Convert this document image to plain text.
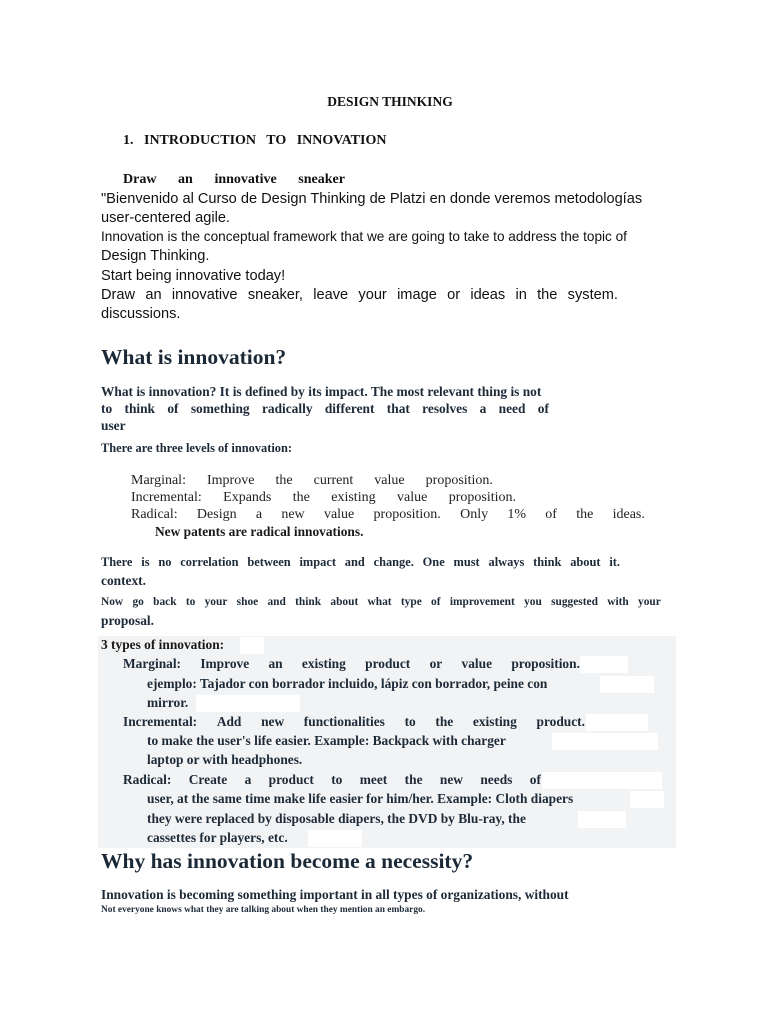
DESIGN THINKING
1. INTRODUCTION TO INNOVATION
Draw an innovative sneaker
"Bienvenido al Curso de Design Thinking de Platzi en donde veremos metodologías
user-centered agile.
Innovation is the conceptual framework that we are going to take to address the topic of
Design Thinking.
Start being innovative today!
Draw an innovative sneaker, leave your image or ideas in the system.
discussions.
What is innovation?
What is innovation? It is defined by its impact. The most relevant thing is not
to think of something radically different that resolves a need of
user
There are three levels of innovation:
Marginal: Improve the current value proposition.
Incremental: Expands the existing value proposition.
Radical: Design a new value proposition. Only 1% of the ideas.
New patents are radical innovations.
There is no correlation between impact and change. One must always think about it.
context.
Now go back to your shoe and think about what type of improvement you suggested with your
proposal.
3 types of innovation:
Marginal: Improve an existing product or value proposition.
ejemplo: Tajador con borrador incluido, lápiz con borrador, peine con
mirror.
Incremental: Add new functionalities to the existing product.
to make the user's life easier. Example: Backpack with charger
laptop or with headphones.
Radical: Create a product to meet the new needs of
user, at the same time make life easier for him/her. Example: Cloth diapers
they were replaced by disposable diapers, the DVD by Blu-ray, the
cassettes for players, etc.
Why has innovation become a necessity?
Innovation is becoming something important in all types of organizations, without
Not everyone knows what they are talking about when they mention an embargo.
